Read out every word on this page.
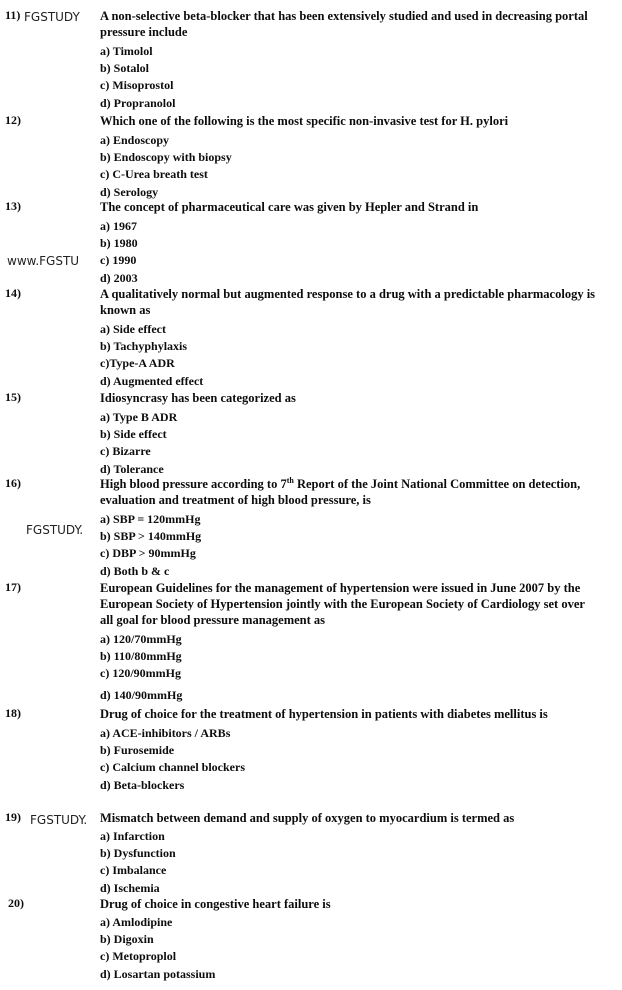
11)	A non-selective beta-blocker that has been extensively studied and used in decreasing portal pressure include
a) Timolol
b) Sotalol
c) Misoprostol
d) Propranolol
12)	Which one of the following is the most specific non-invasive test for H. pylori
a) Endoscopy
b) Endoscopy with biopsy
c) C-Urea breath test
d) Serology
13)	The concept of pharmaceutical care was given by Hepler and Strand in
a) 1967
b) 1980
c) 1990
d) 2003
14)	A qualitatively normal but augmented response to a drug with a predictable pharmacology is known as
a) Side effect
b) Tachyphylaxis
c)Type-A ADR
d) Augmented effect
15)	Idiosyncrasy has been categorized as
a) Type B ADR
b) Side effect
c) Bizarre
d) Tolerance
16)	High blood pressure according to 7th Report of the Joint National Committee on detection, evaluation and treatment of high blood pressure, is
a) SBP = 120mmHg
b) SBP > 140mmHg
c) DBP > 90mmHg
d) Both b & c
17)	European Guidelines for the management of hypertension were issued in June 2007 by the European Society of Hypertension jointly with the European Society of Cardiology set over all goal for blood pressure management as
a) 120/70mmHg
b) 110/80mmHg
c) 120/90mmHg
d) 140/90mmHg
18)	Drug of choice for the treatment of hypertension in patients with diabetes mellitus is
a) ACE-inhibitors / ARBs
b) Furosemide
c) Calcium channel blockers
d) Beta-blockers
19)	Mismatch between demand and supply of oxygen to myocardium is termed as
a) Infarction
b) Dysfunction
c) Imbalance
d) Ischemia
20)	Drug of choice in congestive heart failure is
a) Amlodipine
b) Digoxin
c) Metoproplol
d) Losartan potassium
FGSTUDY
www.FGSTU
FGSTUDY.
FGSTUDY.
